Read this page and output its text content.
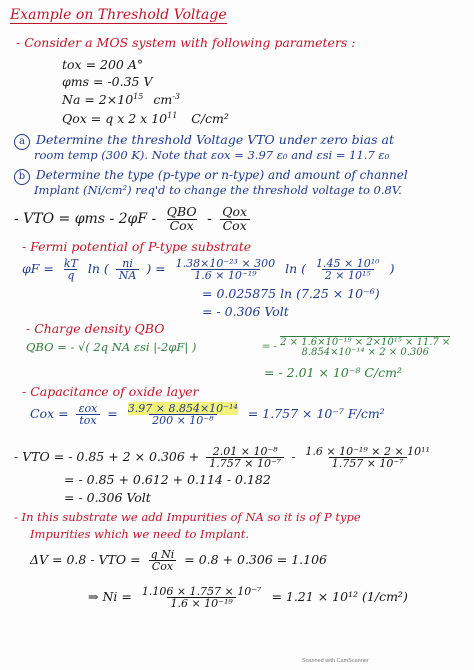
Example on Threshold Voltage
- Consider a MOS system with following parameters :
tox = 200 A°
φms = -0.35 V
$Na = 2\times 10^{15}$ $cm^{-3}$
Qox = q x 2 x $10^{11}$ C/cm²
a Determine the threshold Voltage VTO under zero bias at
room temp (300 K). Note that εox = 3.97 ε₀ and εsi = 11.7 ε₀
b Determine the type (p-type or n-type) and amount of channel
Implant (Ni/cm²) req'd to change the threshold voltage to 0.8V.
- VTO = φms - $2\varphi F - \frac{\text{QBO}}{\text{Cox}} - \frac{\text{Qox}}{\text{Cox}}$
- Fermi potential of P-type substrate
$\varphi F = \frac{kT}{q}$ ln ( $\frac{ni}{NA}$ ) = $\frac{\text{1.38×10⁻²³ × 300}}{\text{1.6 × 10⁻¹⁹}}$ ln ( $\frac{\text{1.45 × 10¹⁰}}{\text{2 × 10¹⁵}}$ )
= 0.025875 ln (7.25 × 10⁻⁶)
= - 0.306 Volt
- Charge density QBO
QBO = - √( 2q NA εsi |-2φF| )	= - 2 × 1.6×10⁻¹⁹ × 2×10¹⁵ × 11.7 ×
8.854×10⁻¹⁴ × 2 × 0.306
= - 2.01 × 10⁻⁸ C/cm²
- Capacitance of oxide layer
Cox = $\frac{\text{εox}}{\text{tox}} = \frac{\text{3.97 × 8.854×10⁻¹⁴}}{\text{200 × 10⁻⁸}} = 1.757 \times 10^{-7}$ F/cm²
- VTO = - $0.85 + 2 \times 0.306 + \frac{\text{2.01 × 10⁻⁸}}{\text{1.757 × 10⁻⁷}} - \frac{\text{1.6 × 10⁻¹⁹ × 2 × 10¹¹}}{\text{1.757 × 10⁻⁷}}$
= - 0.85 + 0.612 + 0.114 - 0.182
= - 0.306 Volt
- In this substrate we add Impurities of NA so it is of P type
Impurities which we need to Implant.
ΔV = 0.8 - VTO = $\frac{\text{q Ni}}{\text{Cox}} = 0.8 + 0.306 = 1.106$
⇒ $Ni = \frac{\text{1.106 × 1.757 × 10⁻⁷}}{\text{1.6 × 10⁻¹⁹}} = 1.21 \times 10^{12}$ (1/cm²)
Scanned with CamScanner
